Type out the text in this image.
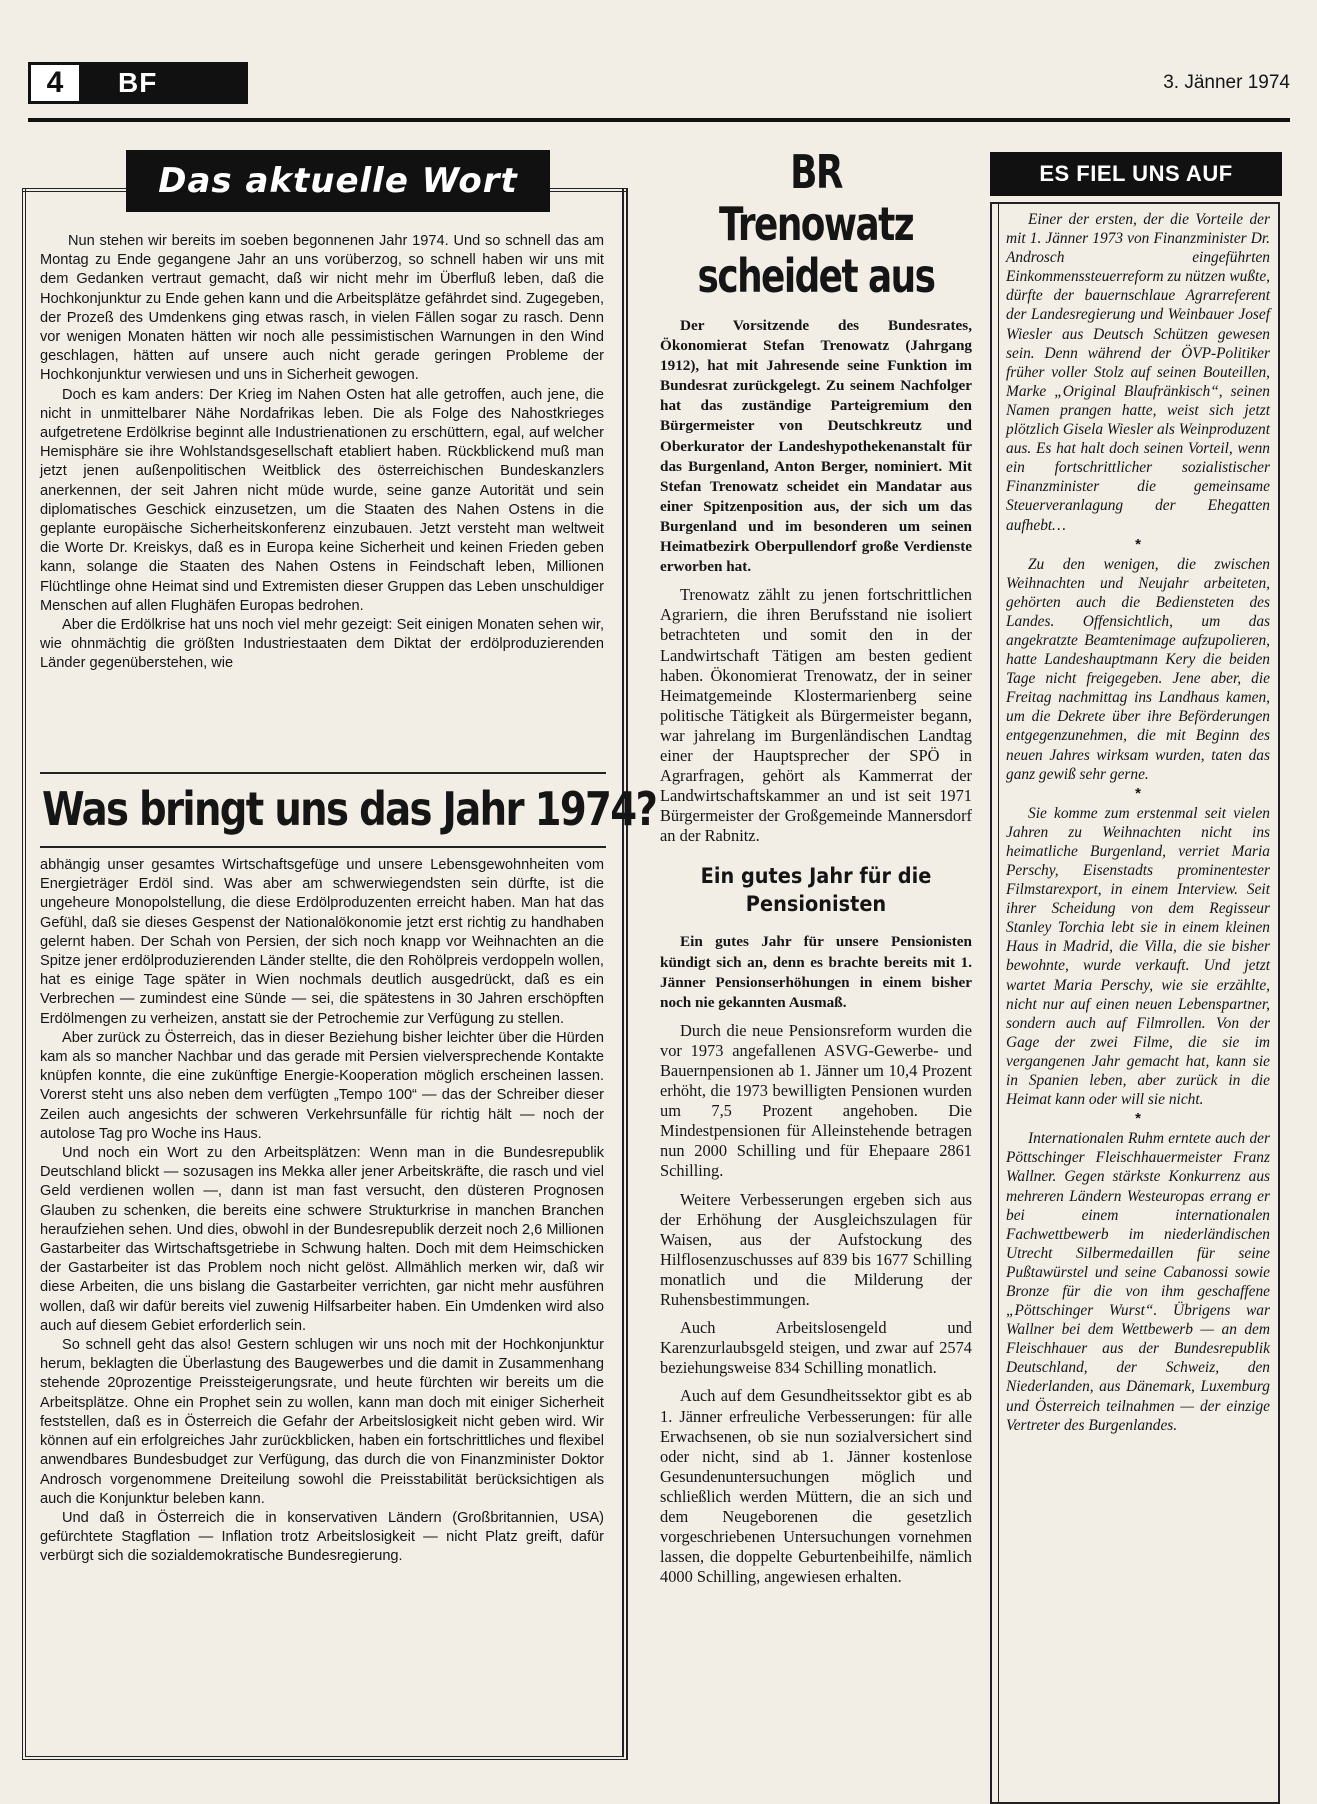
4	BF	3. Jänner 1974
Das aktuelle Wort

Nun stehen wir bereits im soeben begonnenen Jahr 1974. Und so schnell das am Montag zu Ende gegangene Jahr an uns vorüberzog, so schnell haben wir uns mit dem Gedanken vertraut gemacht, daß wir nicht mehr im Überfluß leben, daß die Hochkonjunktur zu Ende gehen kann und die Arbeitsplätze gefährdet sind. Zugegeben, der Prozeß des Umdenkens ging etwas rasch, in vielen Fällen sogar zu rasch. Denn vor wenigen Monaten hätten wir noch alle pessimistischen Warnungen in den Wind geschlagen, hätten auf unsere auch nicht gerade geringen Probleme der Hochkonjunktur verwiesen und uns in Sicherheit gewogen.

Doch es kam anders: Der Krieg im Nahen Osten hat alle getroffen, auch jene, die nicht in unmittelbarer Nähe Nordafrikas leben. Die als Folge des Nahostkrieges aufgetretene Erdölkrise beginnt alle Industrienationen zu erschüttern, egal, auf welcher Hemisphäre sie ihre Wohlstandsgesellschaft etabliert haben. Rückblickend muß man jetzt jenen außenpolitischen Weitblick des österreichischen Bundeskanzlers anerkennen, der seit Jahren nicht müde wurde, seine ganze Autorität und sein diplomatisches Geschick einzusetzen, um die Staaten des Nahen Ostens in die geplante europäische Sicherheitskonferenz einzubauen. Jetzt versteht man weltweit die Worte Dr. Kreiskys, daß es in Europa keine Sicherheit und keinen Frieden geben kann, solange die Staaten des Nahen Ostens in Feindschaft leben, Millionen Flüchtlinge ohne Heimat sind und Extremisten dieser Gruppen das Leben unschuldiger Menschen auf allen Flughäfen Europas bedrohen.

Aber die Erdölkrise hat uns noch viel mehr gezeigt: Seit einigen Monaten sehen wir, wie ohnmächtig die größten Industriestaaten dem Diktat der erdölproduzierenden Länder gegenüberstehen, wie

Was bringt uns das Jahr 1974?

abhängig unser gesamtes Wirtschaftsgefüge und unsere Lebensgewohnheiten vom Energieträger Erdöl sind. Was aber am schwerwiegendsten sein dürfte, ist die ungeheure Monopolstellung, die diese Erdölproduzenten erreicht haben. Man hat das Gefühl, daß sie dieses Gespenst der Nationalökonomie jetzt erst richtig zu handhaben gelernt haben. Der Schah von Persien, der sich noch knapp vor Weihnachten an die Spitze jener erdölproduzierenden Länder stellte, die den Rohölpreis verdoppeln wollen, hat es einige Tage später in Wien nochmals deutlich ausgedrückt, daß es ein Verbrechen — zumindest eine Sünde — sei, die spätestens in 30 Jahren erschöpften Erdölmengen zu verheizen, anstatt sie der Petrochemie zur Verfügung zu stellen.

Aber zurück zu Österreich, das in dieser Beziehung bisher leichter über die Hürden kam als so mancher Nachbar und das gerade mit Persien vielversprechende Kontakte knüpfen konnte, die eine zukünftige Energie-Kooperation möglich erscheinen lassen. Vorerst steht uns also neben dem verfügten „Tempo 100“ — das der Schreiber dieser Zeilen auch angesichts der schweren Verkehrsunfälle für richtig hält — noch der autolose Tag pro Woche ins Haus.

Und noch ein Wort zu den Arbeitsplätzen: Wenn man in die Bundesrepublik Deutschland blickt — sozusagen ins Mekka aller jener Arbeitskräfte, die rasch und viel Geld verdienen wollen —, dann ist man fast versucht, den düsteren Prognosen Glauben zu schenken, die bereits eine schwere Strukturkrise in manchen Branchen heraufziehen sehen. Und dies, obwohl in der Bundesrepublik derzeit noch 2,6 Millionen Gastarbeiter das Wirtschaftsgetriebe in Schwung halten. Doch mit dem Heimschicken der Gastarbeiter ist das Problem noch nicht gelöst. Allmählich merken wir, daß wir diese Arbeiten, die uns bislang die Gastarbeiter verrichten, gar nicht mehr ausführen wollen, daß wir dafür bereits viel zuwenig Hilfsarbeiter haben. Ein Umdenken wird also auch auf diesem Gebiet erforderlich sein.

So schnell geht das also! Gestern schlugen wir uns noch mit der Hochkonjunktur herum, beklagten die Überlastung des Baugewerbes und die damit in Zusammenhang stehende 20prozentige Preissteigerungsrate, und heute fürchten wir bereits um die Arbeitsplätze. Ohne ein Prophet sein zu wollen, kann man doch mit einiger Sicherheit feststellen, daß es in Österreich die Gefahr der Arbeitslosigkeit nicht geben wird. Wir können auf ein erfolgreiches Jahr zurückblicken, haben ein fortschrittliches und flexibel anwendbares Bundesbudget zur Verfügung, das durch die von Finanzminister Doktor Androsch vorgenommene Dreiteilung sowohl die Preisstabilität berücksichtigen als auch die Konjunktur beleben kann.

Und daß in Österreich die in konservativen Ländern (Großbritannien, USA) gefürchtete Stagflation — Inflation trotz Arbeitslosigkeit — nicht Platz greift, dafür verbürgt sich die sozialdemokratische Bundesregierung.

BR Trenowatz
scheidet aus
Der Vorsitzende des Bundesrates, Ökonomierat Stefan Trenowatz (Jahrgang 1912), hat mit Jahresende seine Funktion im Bundesrat zurückgelegt. Zu seinem Nachfolger hat das zuständige Parteigremium den Bürgermeister von Deutschkreutz und Oberkurator der Landeshypothekenanstalt für das Burgenland, Anton Berger, nominiert. Mit Stefan Trenowatz scheidet ein Mandatar aus einer Spitzenposition aus, der sich um das Burgenland und im besonderen um seinen Heimatbezirk Oberpullendorf große Verdienste erworben hat.

Trenowatz zählt zu jenen fortschrittlichen Agrariern, die ihren Berufsstand nie isoliert betrachteten und somit den in der Landwirtschaft Tätigen am besten gedient haben. Ökonomierat Trenowatz, der in seiner Heimatgemeinde Klostermarienberg seine politische Tätigkeit als Bürgermeister begann, war jahrelang im Burgenländischen Landtag einer der Hauptsprecher der SPÖ in Agrarfragen, gehört als Kammerrat der Landwirtschaftskammer an und ist seit 1971 Bürgermeister der Großgemeinde Mannersdorf an der Rabnitz.

Ein gutes Jahr für die
Pensionisten
Ein gutes Jahr für unsere Pensionisten kündigt sich an, denn es brachte bereits mit 1. Jänner Pensionserhöhungen in einem bisher noch nie gekannten Ausmaß.

Durch die neue Pensionsreform wurden die vor 1973 angefallenen ASVG-Gewerbe- und Bauernpensionen ab 1. Jänner um 10,4 Prozent erhöht, die 1973 bewilligten Pensionen wurden um 7,5 Prozent angehoben. Die Mindestpensionen für Alleinstehende betragen nun 2000 Schilling und für Ehepaare 2861 Schilling.

Weitere Verbesserungen ergeben sich aus der Erhöhung der Ausgleichszulagen für Waisen, aus der Aufstockung des Hilflosenzuschusses auf 839 bis 1677 Schilling monatlich und die Milderung der Ruhensbestimmungen.

Auch Arbeitslosengeld und Karenzurlaubsgeld steigen, und zwar auf 2574 beziehungsweise 834 Schilling monatlich.

Auch auf dem Gesundheitssektor gibt es ab 1. Jänner erfreuliche Verbesserungen: für alle Erwachsenen, ob sie nun sozialversichert sind oder nicht, sind ab 1. Jänner kostenlose Gesundenuntersuchungen möglich und schließlich werden Müttern, die an sich und dem Neugeborenen die gesetzlich vorgeschriebenen Untersuchungen vornehmen lassen, die doppelte Geburtenbeihilfe, nämlich 4000 Schilling, angewiesen erhalten.

ES FIEL UNS AUF

Einer der ersten, der die Vorteile der mit 1. Jänner 1973 von Finanzminister Dr. Androsch eingeführten Einkommenssteuerreform zu nützen wußte, dürfte der bauernschlaue Agrarreferent der Landesregierung und Weinbauer Josef Wiesler aus Deutsch Schützen gewesen sein. Denn während der ÖVP-Politiker früher voller Stolz auf seinen Bouteillen, Marke „Original Blaufränkisch“, seinen Namen prangen hatte, weist sich jetzt plötzlich Gisela Wiesler als Weinproduzent aus. Es hat halt doch seinen Vorteil, wenn ein fortschrittlicher sozialistischer Finanzminister die gemeinsame Steuerveranlagung der Ehegatten aufhebt…

*

Zu den wenigen, die zwischen Weihnachten und Neujahr arbeiteten, gehörten auch die Bediensteten des Landes. Offensichtlich, um das angekratzte Beamtenimage aufzupolieren, hatte Landeshauptmann Kery die beiden Tage nicht freigegeben. Jene aber, die Freitag nachmittag ins Landhaus kamen, um die Dekrete über ihre Beförderungen entgegenzunehmen, die mit Beginn des neuen Jahres wirksam wurden, taten das ganz gewiß sehr gerne.

*

Sie komme zum erstenmal seit vielen Jahren zu Weihnachten nicht ins heimatliche Burgenland, verriet Maria Perschy, Eisenstadts prominentester Filmstarexport, in einem Interview. Seit ihrer Scheidung von dem Regisseur Stanley Torchia lebt sie in einem kleinen Haus in Madrid, die Villa, die sie bisher bewohnte, wurde verkauft. Und jetzt wartet Maria Perschy, wie sie erzählte, nicht nur auf einen neuen Lebenspartner, sondern auch auf Filmrollen. Von der Gage der zwei Filme, die sie im vergangenen Jahr gemacht hat, kann sie in Spanien leben, aber zurück in die Heimat kann oder will sie nicht.

*

Internationalen Ruhm erntete auch der Pöttschinger Fleischhauermeister Franz Wallner. Gegen stärkste Konkurrenz aus mehreren Ländern Westeuropas errang er bei einem internationalen Fachwettbewerb im niederländischen Utrecht Silbermedaillen für seine Pußtawürstel und seine Cabanossi sowie Bronze für die von ihm geschaffene „Pöttschinger Wurst“. Übrigens war Wallner bei dem Wettbewerb — an dem Fleischhauer aus der Bundesrepublik Deutschland, der Schweiz, den Niederlanden, aus Dänemark, Luxemburg und Österreich teilnahmen — der einzige Vertreter des Burgenlandes.
